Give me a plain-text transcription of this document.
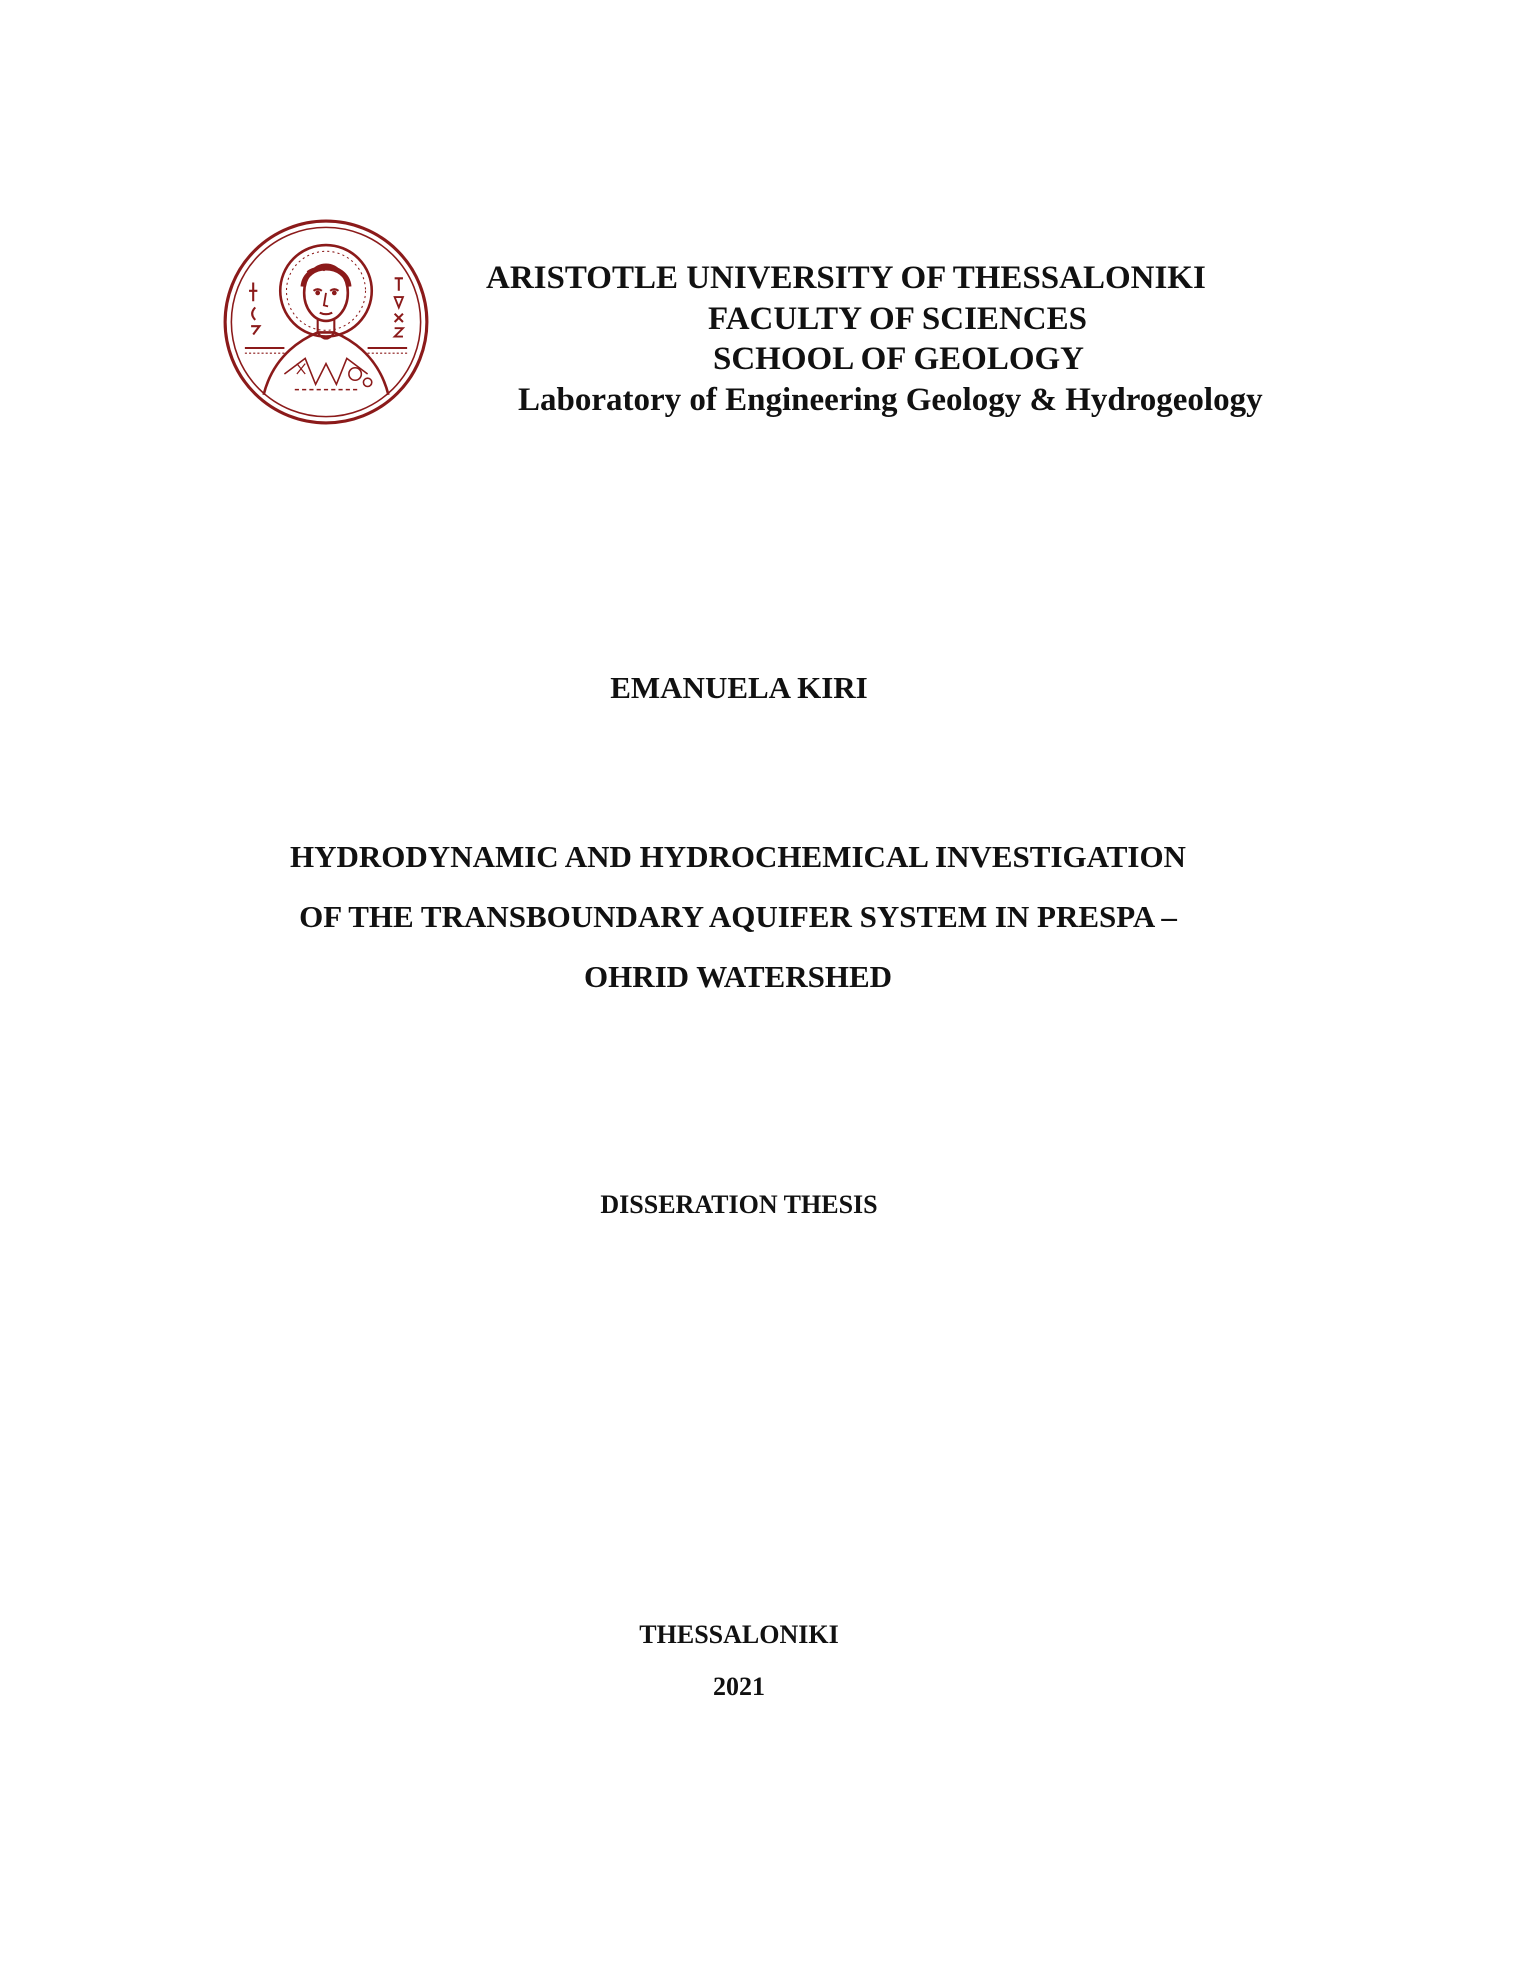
ARISTOTLE UNIVERSITY OF THESSALONIKI
FACULTY OF SCIENCES
SCHOOL OF GEOLOGY
Laboratory of Engineering Geology & Hydrogeology
EMANUELA KIRI
HYDRODYNAMIC AND HYDROCHEMICAL INVESTIGATION
OF THE TRANSBOUNDARY AQUIFER SYSTEM IN PRESPA –
OHRID WATERSHED
DISSERATION THESIS
THESSALONIKI
2021
